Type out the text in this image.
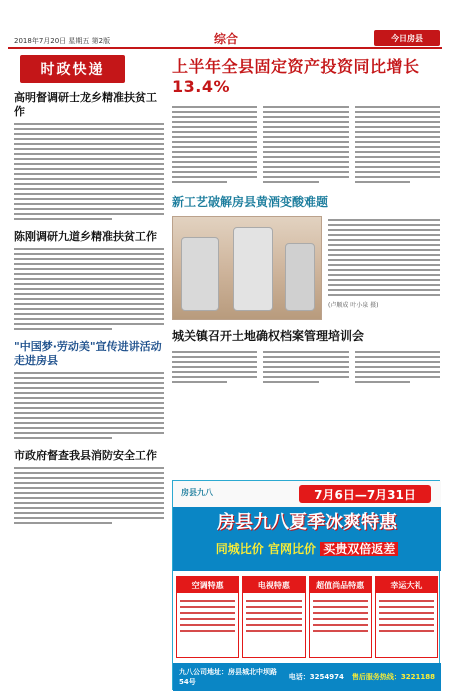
2018年7月20日 星期五 第2版	综合	今日房县
时政快递
高明督调研士龙乡精准扶贫工作
陈刚调研九道乡精准扶贫工作
"中国梦·劳动美"宣传进讲活动走进房县
市政府督查我县消防安全工作
上半年全县固定资产投资同比增长13.4%
新工艺破解房县黄酒变酸难题
(卢顺成 叶小泉 摄)
城关镇召开土地确权档案管理培训会
房县九八	7月6日—7月31日
房县九八夏季冰爽特惠
同城比价 官网比价 买贵双倍返差
空调特惠	电视特惠	超值尚品特惠	幸运大礼
九八公司地址：房县城北中坝路54号
电话：3254974 售后服务热线：3221188
